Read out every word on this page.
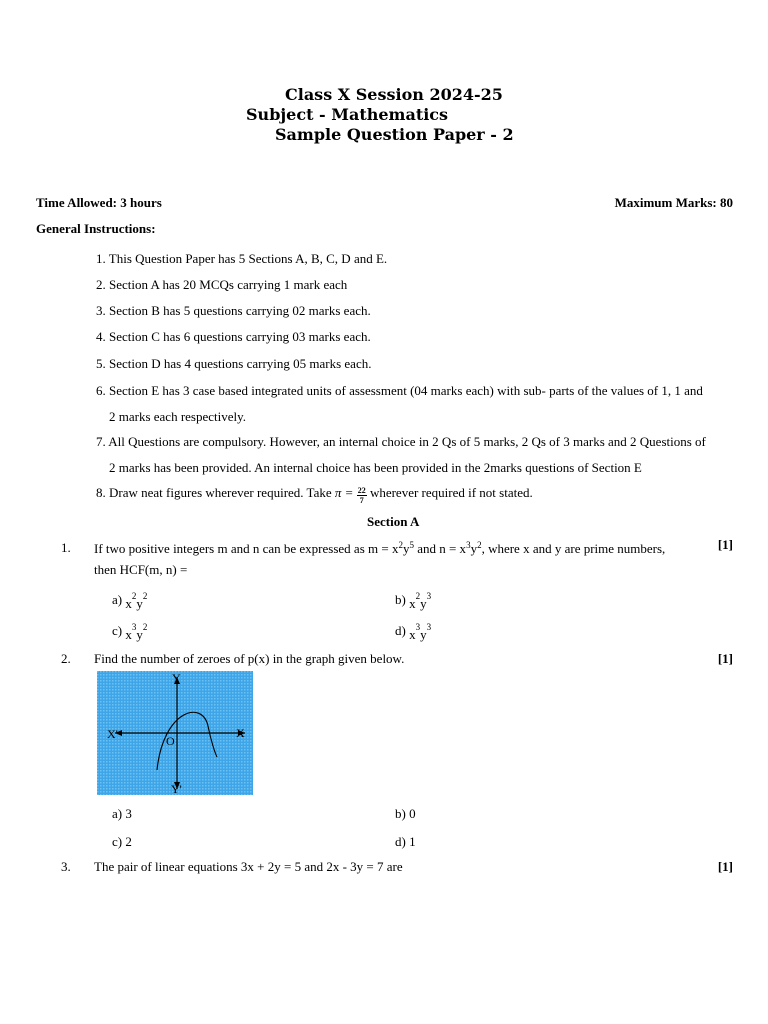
Class X Session 2024-25
Subject - Mathematics
Sample Question Paper - 2
Time Allowed: 3 hours	Maximum Marks: 80
General Instructions:
1. This Question Paper has 5 Sections A, B, C, D and E.
2. Section A has 20 MCQs carrying 1 mark each
3. Section B has 5 questions carrying 02 marks each.
4. Section C has 6 questions carrying 03 marks each.
5. Section D has 4 questions carrying 05 marks each.
6. Section E has 3 case based integrated units of assessment (04 marks each) with sub- parts of the values of 1, 1 and
2 marks each respectively.
7. All Questions are compulsory. However, an internal choice in 2 Qs of 5 marks, 2 Qs of 3 marks and 2 Questions of
2 marks has been provided. An internal choice has been provided in the 2marks questions of Section E
8. Draw neat figures wherever required. Take $\pi = \frac{22}{7}$ wherever required if not stated.
Section A
1. If two positive integers m and n can be expressed as $m = x^2y^5$ and $n = x^3y^2$, where x and y are prime numbers,	[1]
then HCF(m, n) =
a) $_x^2_y^2$	b) $_x^2_y^3$
c) $_x^3_y^2$	d) $_x^3_y^3$
2. Find the number of zeroes of p(x) in the graph given below.	[1]
Y
Y'
X'	X
O
a) 3	b) 0
c) 2	d) 1
3. The pair of linear equations 3x + 2y = 5 and 2x - 3y = 7 are	[1]
